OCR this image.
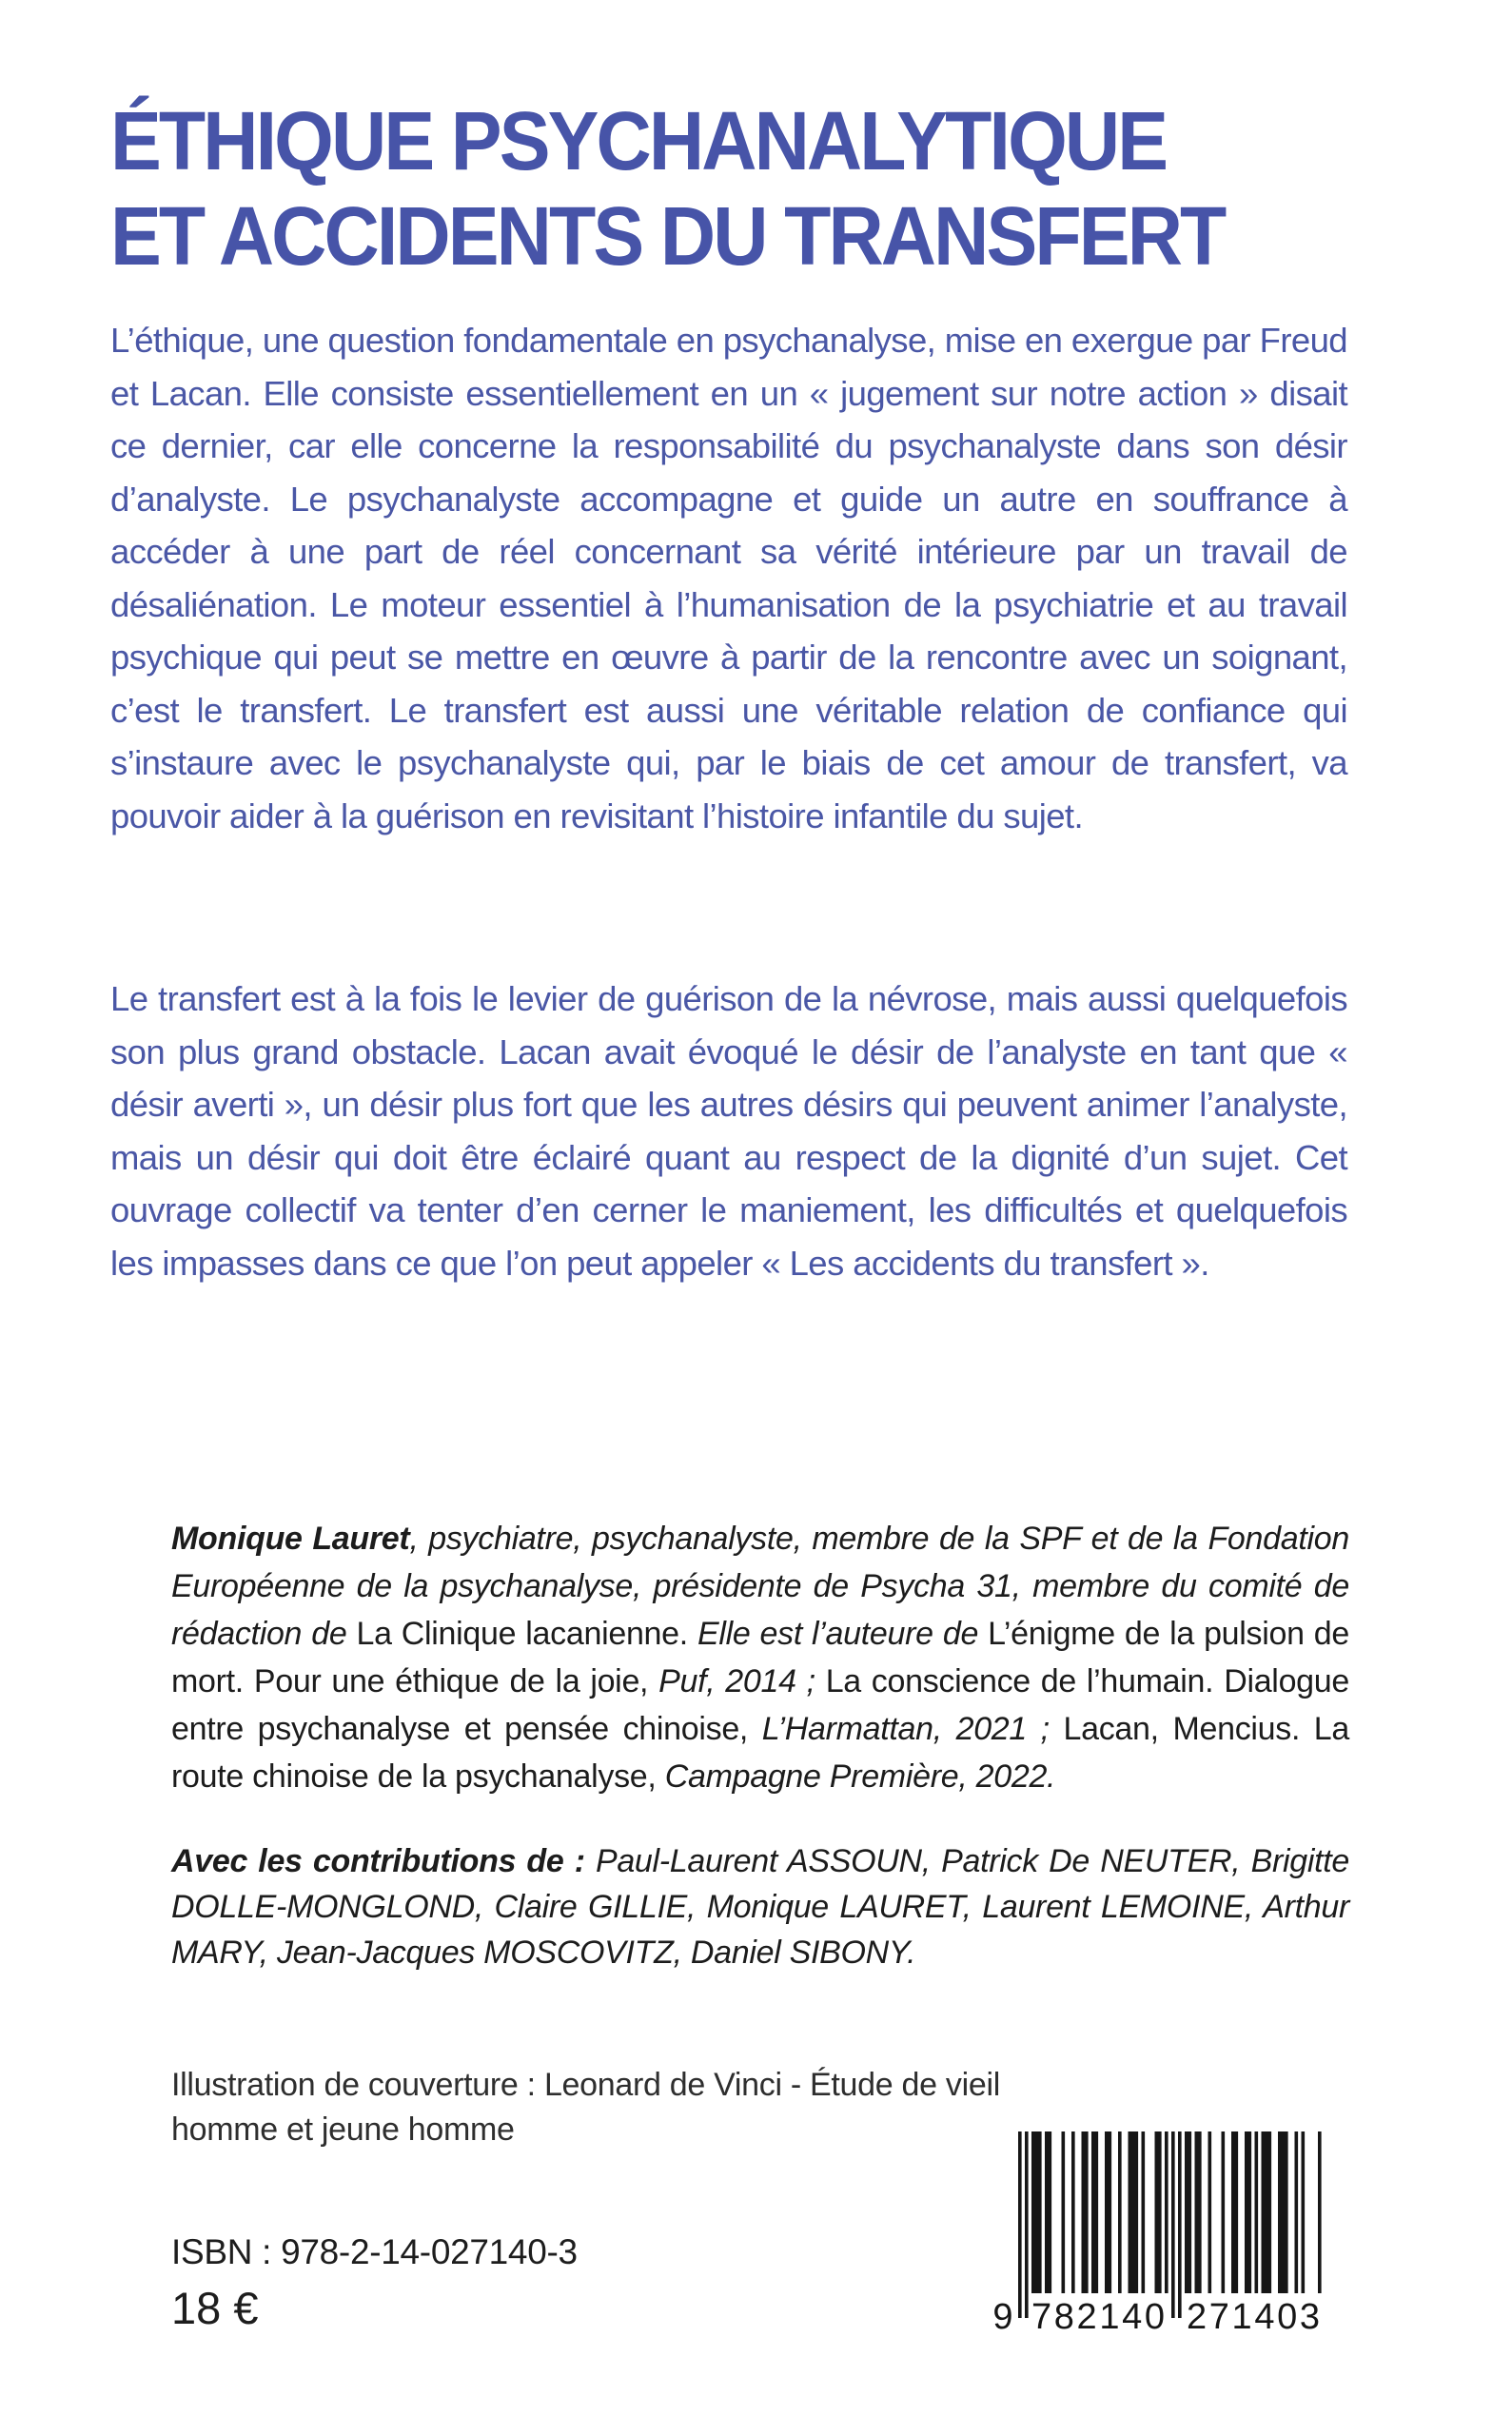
ÉTHIQUE PSYCHANALYTIQUE
ET ACCIDENTS DU TRANSFERT

L’éthique, une question fondamentale en psychanalyse, mise en exergue par Freud et Lacan. Elle consiste essentiellement en un « jugement sur notre action » disait ce dernier, car elle concerne la responsabilité du psychanalyste dans son désir d’analyste. Le psychanalyste accompagne et guide un autre en souffrance à accéder à une part de réel concernant sa vérité intérieure par un travail de désaliénation. Le moteur essentiel à l’humanisation de la psychiatrie et au travail psychique qui peut se mettre en œuvre à partir de la rencontre avec un soignant, c’est le transfert. Le transfert est aussi une véritable relation de confiance qui s’instaure avec le psychanalyste qui, par le biais de cet amour de transfert, va pouvoir aider à la guérison en revisitant l’histoire infantile du sujet.

Le transfert est à la fois le levier de guérison de la névrose, mais aussi quelquefois son plus grand obstacle. Lacan avait évoqué le désir de l’analyste en tant que « désir averti », un désir plus fort que les autres désirs qui peuvent animer l’analyste, mais un désir qui doit être éclairé quant au respect de la dignité d’un sujet. Cet ouvrage collectif va tenter d’en cerner le maniement, les difficultés et quelquefois les impasses dans ce que l’on peut appeler « Les accidents du transfert ».

Monique Lauret, psychiatre, psychanalyste, membre de la SPF et de la Fondation Européenne de la psychanalyse, présidente de Psycha 31, membre du comité de rédaction de La Clinique lacanienne. Elle est l’auteure de L’énigme de la pulsion de mort. Pour une éthique de la joie, Puf, 2014 ; La conscience de l’humain. Dialogue entre psychanalyse et pensée chinoise, L’Harmattan, 2021 ; Lacan, Mencius. La route chinoise de la psychanalyse, Campagne Première, 2022.

Avec les contributions de : Paul-Laurent ASSOUN, Patrick De NEUTER, Brigitte DOLLE-MONGLOND, Claire GILLIE, Monique LAURET, Laurent LEMOINE, Arthur MARY, Jean-Jacques MOSCOVITZ, Daniel SIBONY.

Illustration de couverture : Leonard de Vinci - Étude de vieil
homme et jeune homme
ISBN : 978-2-14-027140-3
18 €	9 782140 271403
